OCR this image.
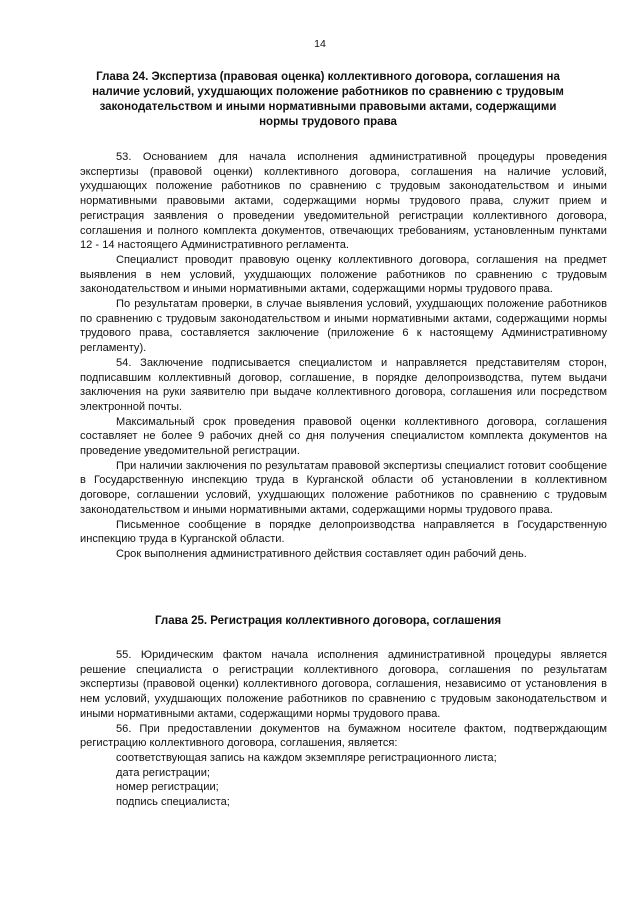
14
Глава 24. Экспертиза (правовая оценка) коллективного договора, соглашения на наличие условий, ухудшающих положение работников по сравнению с трудовым законодательством и иными нормативными правовыми актами, содержащими нормы трудового права

53. Основанием для начала исполнения административной процедуры проведения экспертизы (правовой оценки) коллективного договора, соглашения на наличие условий, ухудшающих положение работников по сравнению с трудовым законодательством и иными нормативными правовыми актами, содержащими нормы трудового права, служит прием и регистрация заявления о проведении уведомительной регистрации коллективного договора, соглашения и полного комплекта документов, отвечающих требованиям, установленным пунктами 12 - 14 настоящего Административного регламента.

Специалист проводит правовую оценку коллективного договора, соглашения на предмет выявления в нем условий, ухудшающих положение работников по сравнению с трудовым законодательством и иными нормативными актами, содержащими нормы трудового права.

По результатам проверки, в случае выявления условий, ухудшающих положение работников по сравнению с трудовым законодательством и иными нормативными актами, содержащими нормы трудового права, составляется заключение (приложение 6 к настоящему Административному регламенту).

54. Заключение подписывается специалистом и направляется представителям сторон, подписавшим коллективный договор, соглашение, в порядке делопроизводства, путем выдачи заключения на руки заявителю при выдаче коллективного договора, соглашения или посредством электронной почты.

Максимальный срок проведения правовой оценки коллективного договора, соглашения составляет не более 9 рабочих дней со дня получения специалистом комплекта документов на проведение уведомительной регистрации.

При наличии заключения по результатам правовой экспертизы специалист готовит сообщение в Государственную инспекцию труда в Курганской области об установлении в коллективном договоре, соглашении условий, ухудшающих положение работников по сравнению с трудовым законодательством и иными нормативными актами, содержащими нормы трудового права.

Письменное сообщение в порядке делопроизводства направляется в Государственную инспекцию труда в Курганской области.

Срок выполнения административного действия составляет один рабочий день.

Глава 25. Регистрация коллективного договора, соглашения

55. Юридическим фактом начала исполнения административной процедуры является решение специалиста о регистрации коллективного договора, соглашения по результатам экспертизы (правовой оценки) коллективного договора, соглашения, независимо от установления в нем условий, ухудшающих положение работников по сравнению с трудовым законодательством и иными нормативными актами, содержащими нормы трудового права.

56. При предоставлении документов на бумажном носителе фактом, подтверждающим регистрацию коллективного договора, соглашения, является:

соответствующая запись на каждом экземпляре регистрационного листа;

дата регистрации;

номер регистрации;

подпись специалиста;
